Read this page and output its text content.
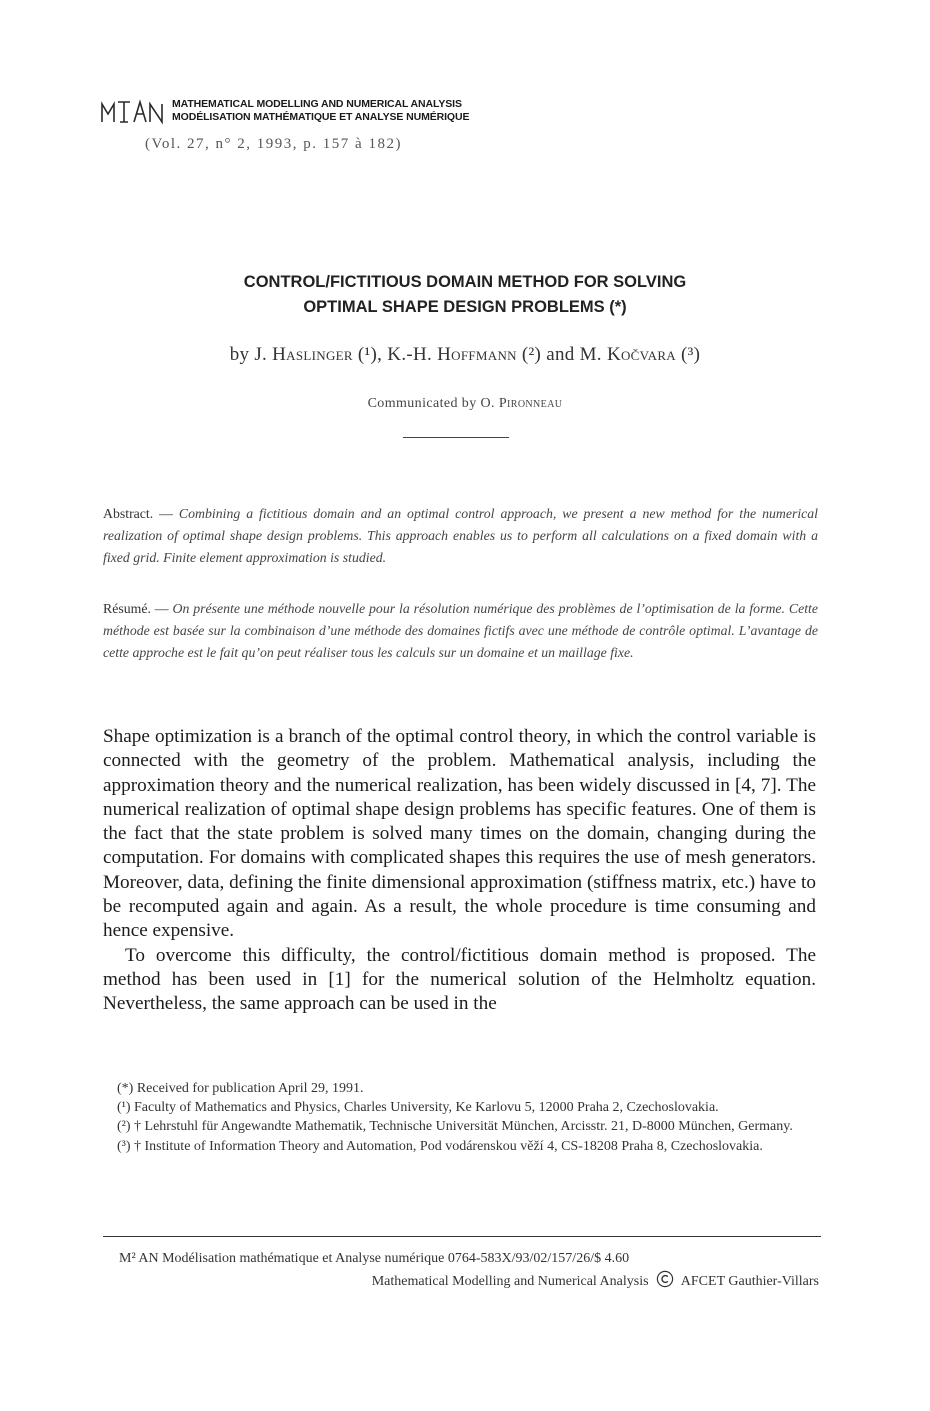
MATHEMATICAL MODELLING AND NUMERICAL ANALYSIS
MODÉLISATION MATHÉMATIQUE ET ANALYSE NUMÉRIQUE
(Vol. 27, n° 2, 1993, p. 157 à 182)
CONTROL/FICTITIOUS DOMAIN METHOD FOR SOLVING
OPTIMAL SHAPE DESIGN PROBLEMS (*)
by J. Haslinger (¹), K.-H. Hoffmann (²) and M. Kočvara (³)
Communicated by O. Pironneau
Abstract. — Combining a fictitious domain and an optimal control approach, we present a new method for the numerical realization of optimal shape design problems. This approach enables us to perform all calculations on a fixed domain with a fixed grid. Finite element approximation is studied.
Résumé. — On présente une méthode nouvelle pour la résolution numérique des problèmes de l’optimisation de la forme. Cette méthode est basée sur la combinaison d’une méthode des domaines fictifs avec une méthode de contrôle optimal. L’avantage de cette approche est le fait qu’on peut réaliser tous les calculs sur un domaine et un maillage fixe.

Shape optimization is a branch of the optimal control theory, in which the control variable is connected with the geometry of the problem. Mathematical analysis, including the approximation theory and the numerical realization, has been widely discussed in [4, 7]. The numerical realization of optimal shape design problems has specific features. One of them is the fact that the state problem is solved many times on the domain, changing during the computation. For domains with complicated shapes this requires the use of mesh generators. Moreover, data, defining the finite dimensional approximation (stiffness matrix, etc.) have to be recomputed again and again. As a result, the whole procedure is time consuming and hence expensive.

To overcome this difficulty, the control/fictitious domain method is proposed. The method has been used in [1] for the numerical solution of the Helmholtz equation. Nevertheless, the same approach can be used in the

(*) Received for publication April 29, 1991.

(¹) Faculty of Mathematics and Physics, Charles University, Ke Karlovu 5, 12000 Praha 2, Czechoslovakia.

(²) † Lehrstuhl für Angewandte Mathematik, Technische Universität München, Arcisstr. 21, D-8000 München, Germany.

(³) † Institute of Information Theory and Automation, Pod vodárenskou věží 4, CS-18208 Praha 8, Czechoslovakia.

M² AN Modélisation mathématique et Analyse numérique 0764-583X/93/02/157/26/$ 4.60
Mathematical Modelling and Numerical Analysis AFCET Gauthier-Villars
